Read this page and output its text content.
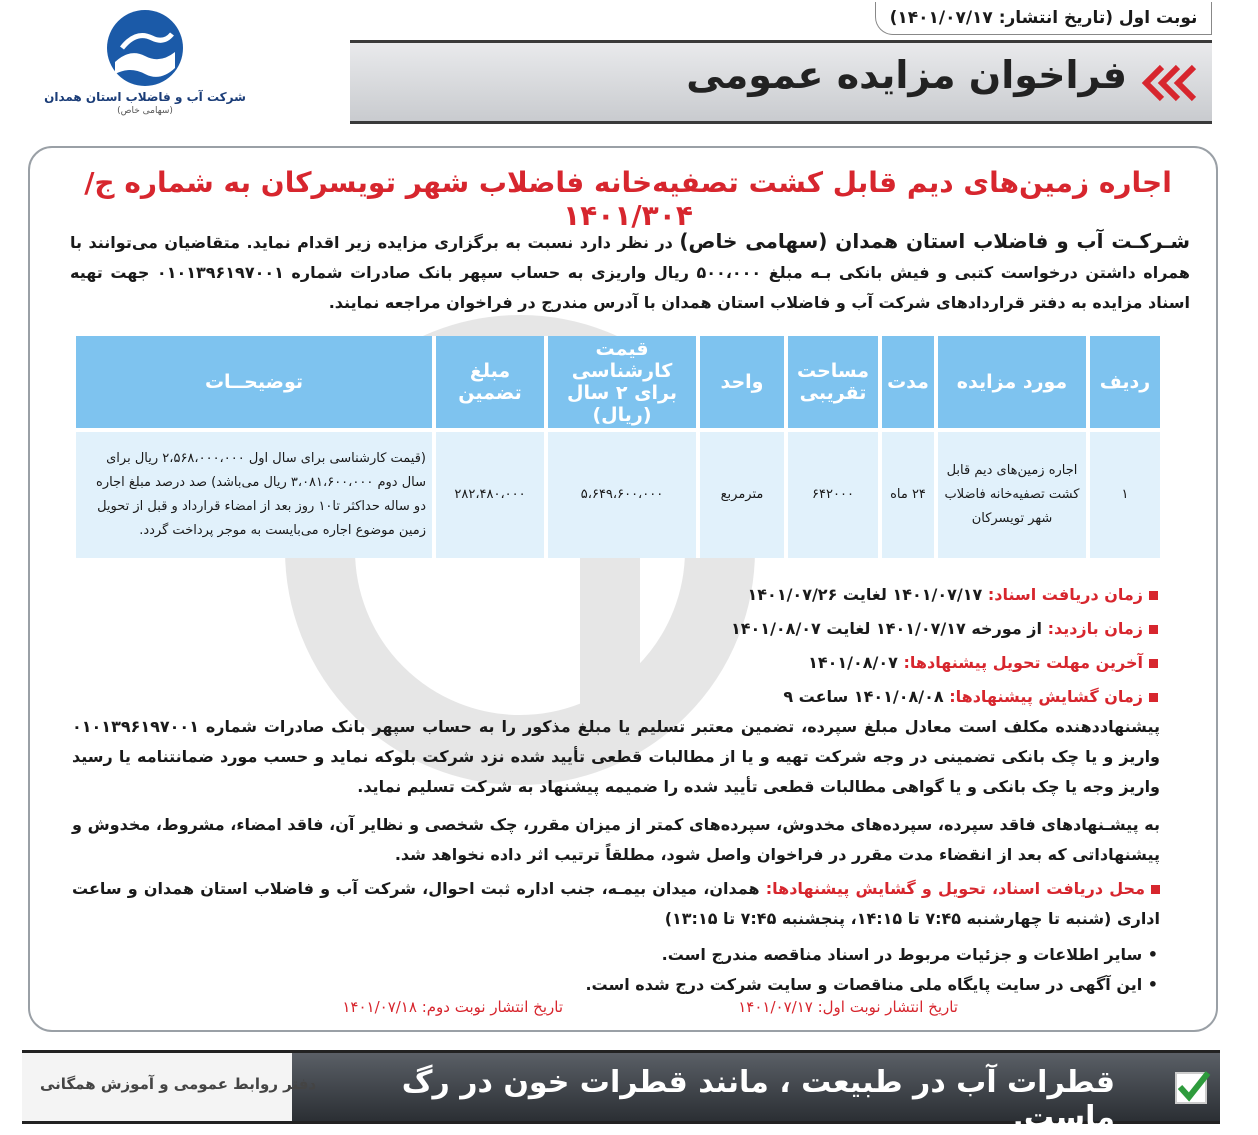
نوبت اول (تاریخ انتشار: ۱۴۰۱/۰۷/۱۷)
فراخوان مزایده عمومی
شرکت آب و فاضلاب استان همدان
(سهامی خاص)
اجاره زمین‌های دیم قابل کشت تصفیه‌خانه فاضلاب شهر تویسرکان به شماره ج/۱۴۰۱/۳۰۴
شـرکـت آب و فاضلاب استان همدان (سهامی خاص) در نظر دارد نسبت به برگزاری مزایده زیر اقدام نماید. متقاضیان می‌توانند با همراه داشتن درخواست کتبی و فیش بانکی بـه مبلغ ۵۰۰،۰۰۰ ریال واریزی به حساب سپهر بانک صادرات شماره ۰۱۰۱۳۹۶۱۹۷۰۰۱ جهت تهیه اسناد مزایده به دفتر قراردادهای شرکت آب و فاضلاب استان همدان با آدرس مندرج در فراخوان مراجعه نمایند.
ردیف	مورد مزایده	مدت	مساحت تقریبی	واحد	قیمت کارشناسی برای ۲ سال (ریال)	مبلغ تضمین	توضیحــات
۱	اجاره زمین‌های دیم قابل کشت تصفیه‌خانه فاضلاب شهر تویسرکان	۲۴ ماه	۶۴۲۰۰۰	مترمربع	۵،۶۴۹،۶۰۰،۰۰۰	۲۸۲،۴۸۰،۰۰۰	(قیمت کارشناسی برای سال اول ۲،۵۶۸،۰۰۰،۰۰۰ ریال برای سال دوم ۳،۰۸۱،۶۰۰،۰۰۰ ریال می‌باشد) صد درصد مبلغ اجاره دو ساله حداکثر تا۱۰ روز بعد از امضاء قرارداد و قبل از تحویل زمین موضوع اجاره می‌بایست به موجر پرداخت گردد.
زمان دریافت اسناد: ۱۴۰۱/۰۷/۱۷ لغایت ۱۴۰۱/۰۷/۲۶
زمان بازدید: از مورخه ۱۴۰۱/۰۷/۱۷ لغایت ۱۴۰۱/۰۸/۰۷
آخرین مهلت تحویل پیشنهادها: ۱۴۰۱/۰۸/۰۷
زمان گشایش پیشنهادها: ۱۴۰۱/۰۸/۰۸ ساعت ۹
پیشنهاددهنده مکلف است معادل مبلغ سپرده، تضمین معتبر تسلیم یا مبلغ مذکور را به حساب سپهر بانک صادرات شماره ۰۱۰۱۳۹۶۱۹۷۰۰۱ واریز و یا چک بانکی تضمینی در وجه شرکت تهیه و یا از مطالبات قطعی تأیید شده نزد شرکت بلوکه نماید و حسب مورد ضمانتنامه یا رسید واریز وجه یا چک بانکی و یا گواهی مطالبات قطعی تأیید شده را ضمیمه پیشنهاد به شرکت تسلیم نماید.
به پیشـنهادهای فاقد سپرده، سپرده‌های مخدوش، سپرده‌های کمتر از میزان مقرر، چک شخصی و نظایر آن، فاقد امضاء، مشروط، مخدوش و پیشنهاداتی که بعد از انقضاء مدت مقرر در فراخوان واصل شود، مطلقاً ترتیب اثر داده نخواهد شد.
محل دریافت اسناد، تحویل و گشایش پیشنهادها: همدان، میدان بیمـه، جنب اداره ثبت احوال، شرکت آب و فاضلاب استان همدان و ساعت اداری (شنبه تا چهارشنبه ۷:۴۵ تا ۱۴:۱۵، پنجشنبه ۷:۴۵ تا ۱۳:۱۵)
• سایر اطلاعات و جزئیات مربوط در اسناد مناقصه مندرج است.
• این آگهی در سایت پایگاه ملی مناقصات و سایت شرکت درج شده است.
تاریخ انتشار نوبت اول: ۱۴۰۱/۰۷/۱۷
تاریخ انتشار نوبت دوم: ۱۴۰۱/۰۷/۱۸
قطرات آب در طبیعت ، مانند قطرات خون در رگ ماست.
دفتر روابط عمومی و آموزش همگانی
